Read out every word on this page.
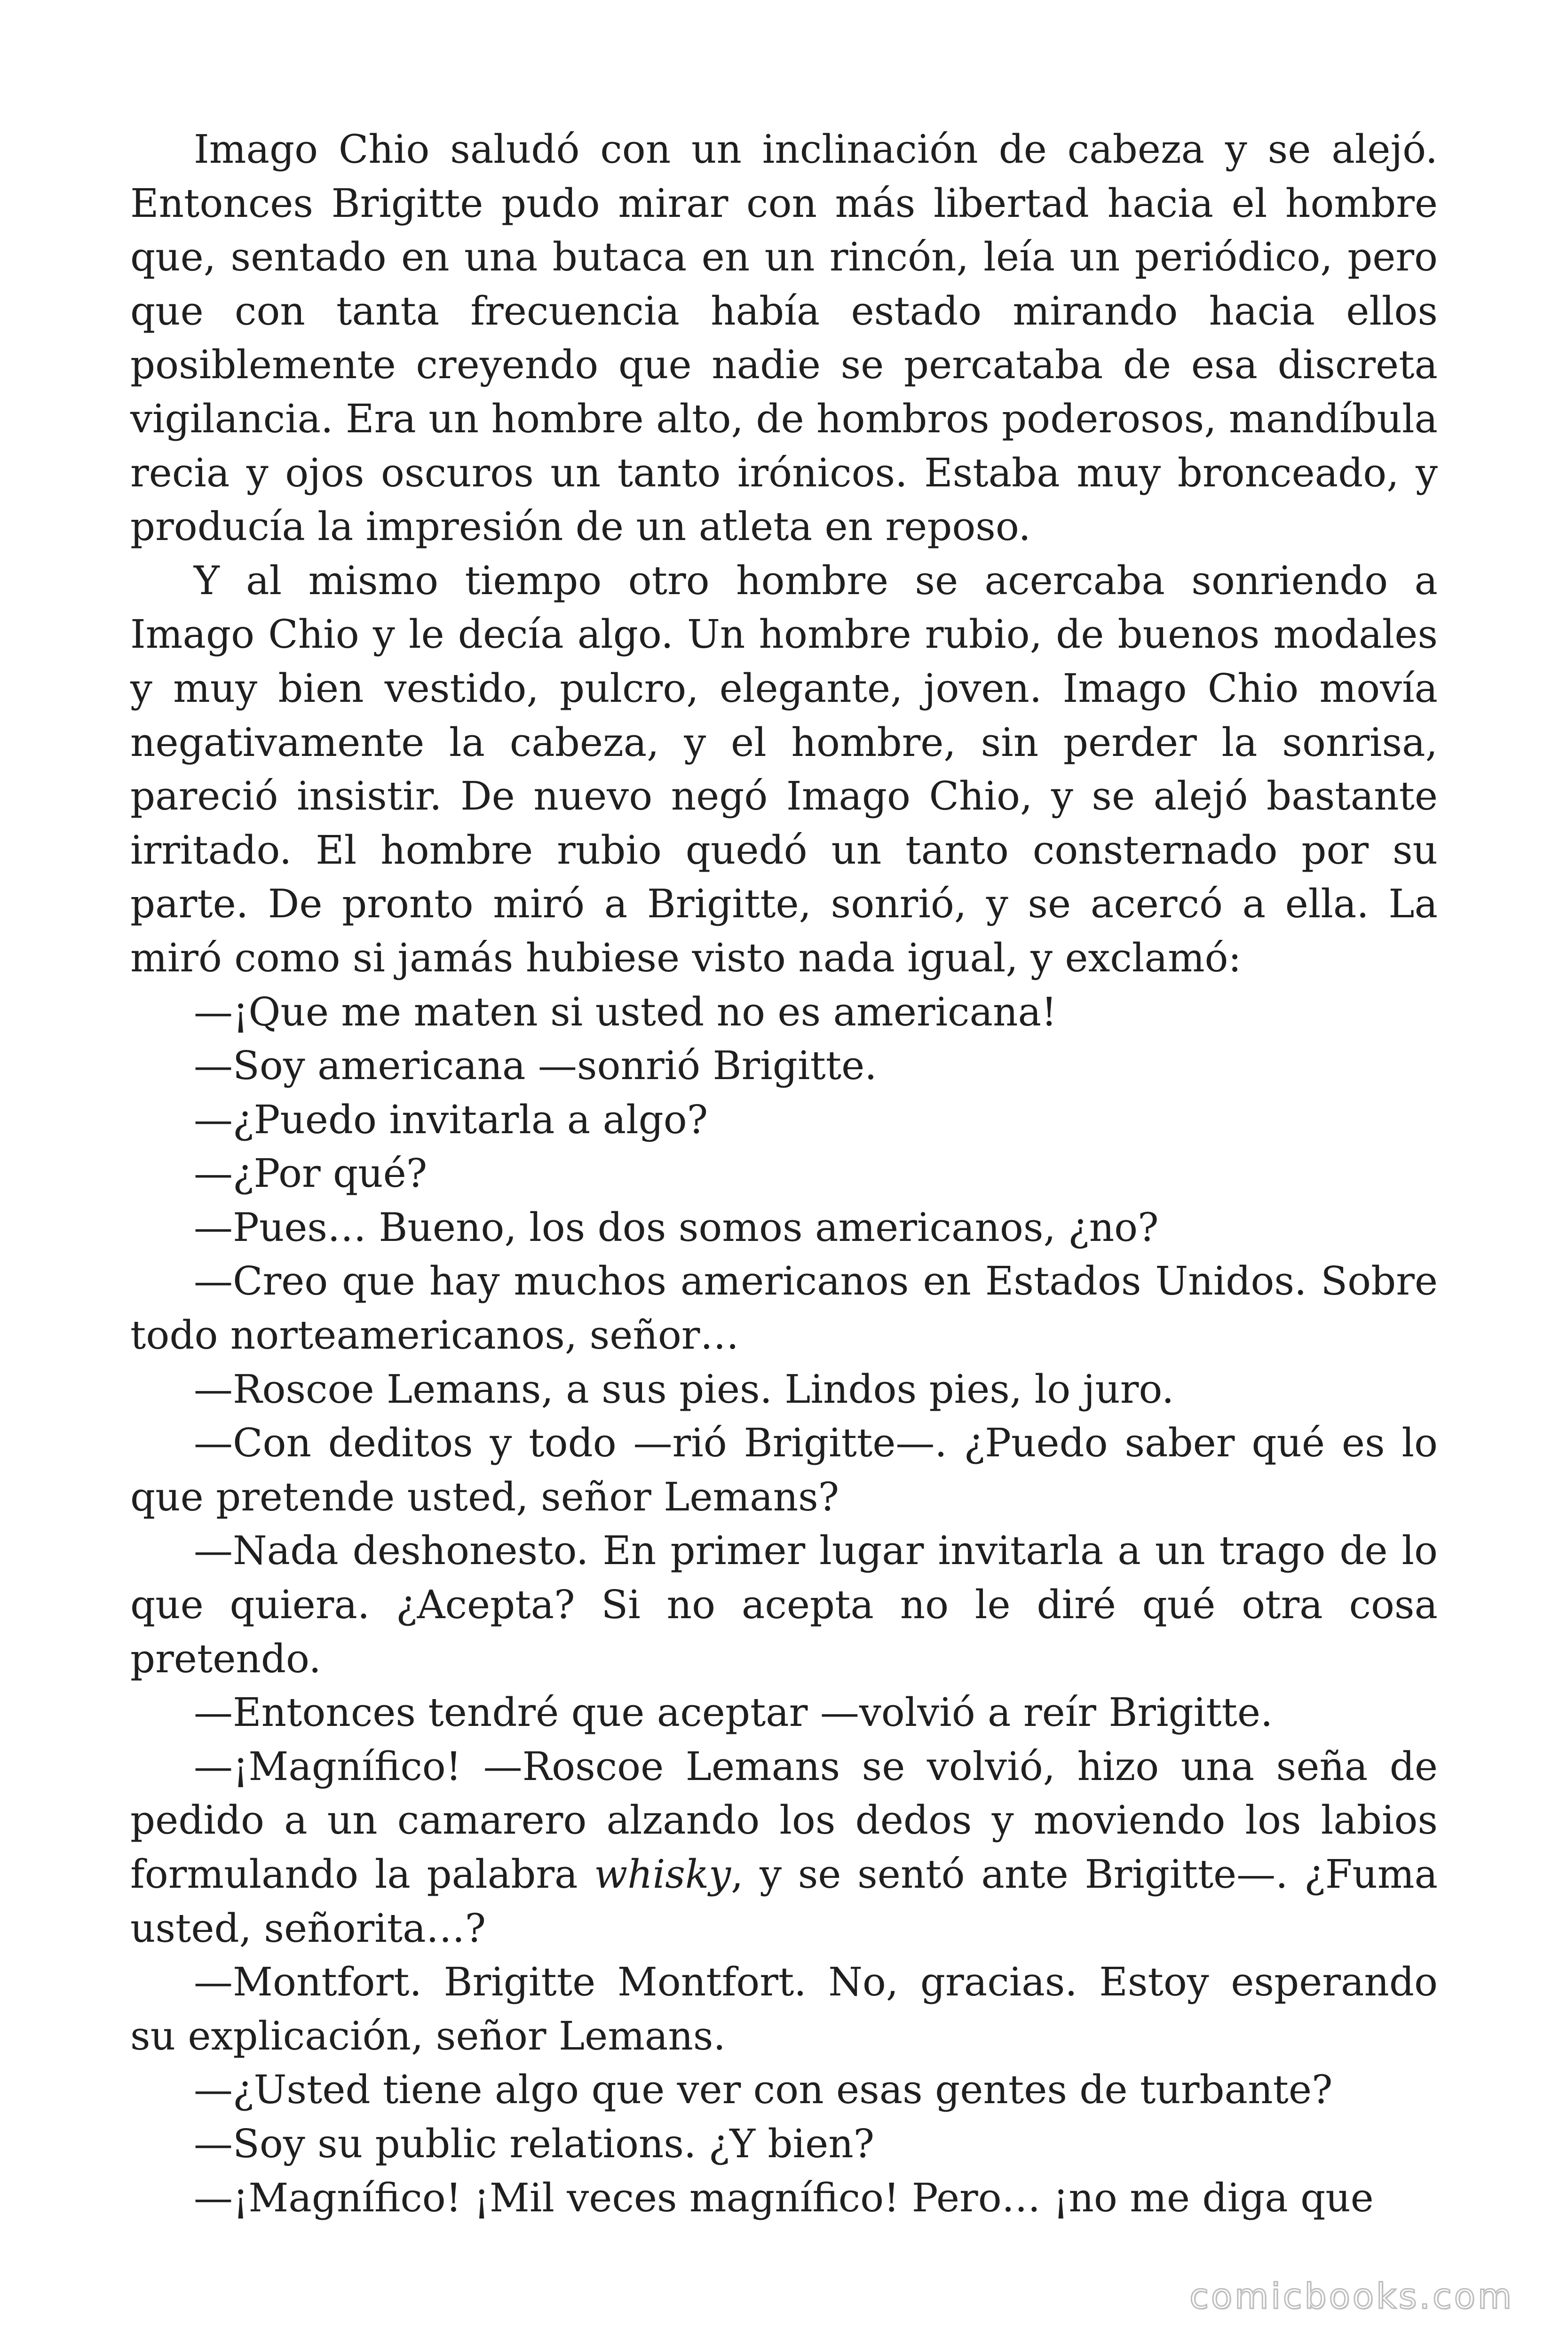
Imago Chio saludó con un inclinación de cabeza y se alejó. Entonces Brigitte pudo mirar con más libertad hacia el hombre que, sentado en una butaca en un rincón, leía un periódico, pero que con tanta frecuencia había estado mirando hacia ellos posiblemente creyendo que nadie se percataba de esa discreta vigilancia. Era un hombre alto, de hombros poderosos, mandíbula recia y ojos oscuros un tanto irónicos. Estaba muy bronceado, y producía la impresión de un atleta en reposo.

Y al mismo tiempo otro hombre se acercaba sonriendo a Imago Chio y le decía algo. Un hombre rubio, de buenos modales y muy bien vestido, pulcro, elegante, joven. Imago Chio movía negativamente la cabeza, y el hombre, sin perder la sonrisa, pareció insistir. De nuevo negó Imago Chio, y se alejó bastante irritado. El hombre rubio quedó un tanto consternado por su parte. De pronto miró a Brigitte, sonrió, y se acercó a ella. La miró como si jamás hubiese visto nada igual, y exclamó:

—¡Que me maten si usted no es americana!

—Soy americana —sonrió Brigitte.

—¿Puedo invitarla a algo?

—¿Por qué?

—Pues… Bueno, los dos somos americanos, ¿no?

—Creo que hay muchos americanos en Estados Unidos. Sobre todo norteamericanos, señor…

—Roscoe Lemans, a sus pies. Lindos pies, lo juro.

—Con deditos y todo —rió Brigitte—. ¿Puedo saber qué es lo que pretende usted, señor Lemans?

—Nada deshonesto. En primer lugar invitarla a un trago de lo que quiera. ¿Acepta? Si no acepta no le diré qué otra cosa pretendo.

—Entonces tendré que aceptar —volvió a reír Brigitte.

—¡Magnífico! —Roscoe Lemans se volvió, hizo una seña de pedido a un camarero alzando los dedos y moviendo los labios formulando la palabra whisky, y se sentó ante Brigitte—. ¿Fuma usted, señorita…?

—Montfort. Brigitte Montfort. No, gracias. Estoy esperando su explicación, señor Lemans.

—¿Usted tiene algo que ver con esas gentes de turbante?

—Soy su public relations. ¿Y bien?

—¡Magnífico! ¡Mil veces magnífico! Pero… ¡no me diga que

comicbooks.com
